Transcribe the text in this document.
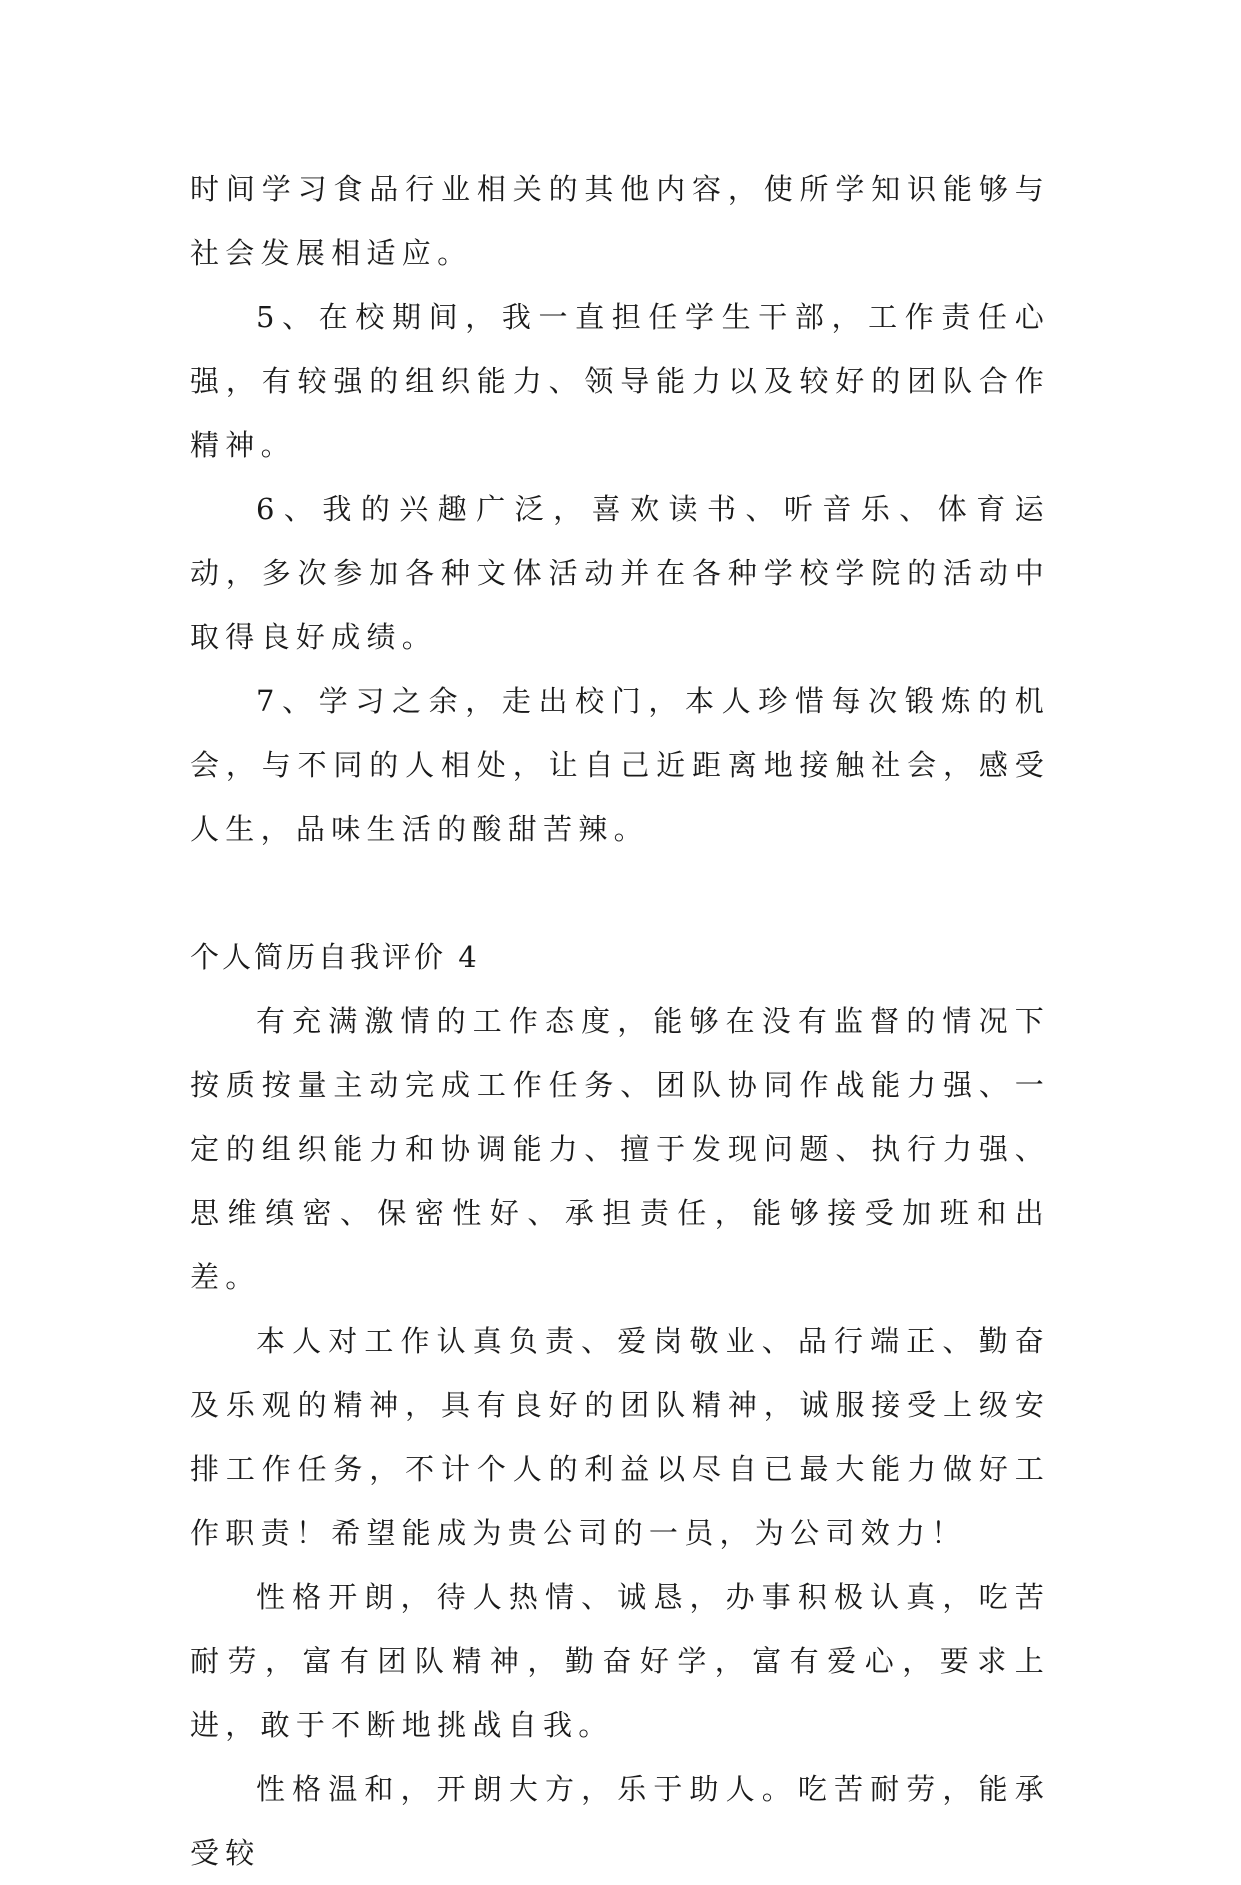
时间学习食品行业相关的其他内容，使所学知识能够与社会发展相适应。

5、在校期间，我一直担任学生干部，工作责任心强，有较强的组织能力、领导能力以及较好的团队合作精神。

6、我的兴趣广泛，喜欢读书、听音乐、体育运动，多次参加各种文体活动并在各种学校学院的活动中取得良好成绩。

7、学习之余，走出校门，本人珍惜每次锻炼的机会，与不同的人相处，让自己近距离地接触社会，感受人生，品味生活的酸甜苦辣。

个人简历自我评价 4

有充满激情的工作态度，能够在没有监督的情况下按质按量主动完成工作任务、团队协同作战能力强、一定的组织能力和协调能力、擅于发现问题、执行力强、思维缜密、保密性好、承担责任，能够接受加班和出差。

本人对工作认真负责、爱岗敬业、品行端正、勤奋及乐观的精神，具有良好的团队精神，诚服接受上级安排工作任务，不计个人的利益以尽自已最大能力做好工作职责！希望能成为贵公司的一员，为公司效力！

性格开朗，待人热情、诚恳，办事积极认真，吃苦耐劳，富有团队精神，勤奋好学，富有爱心，要求上进，敢于不断地挑战自我。

性格温和，开朗大方，乐于助人。吃苦耐劳，能承受较
